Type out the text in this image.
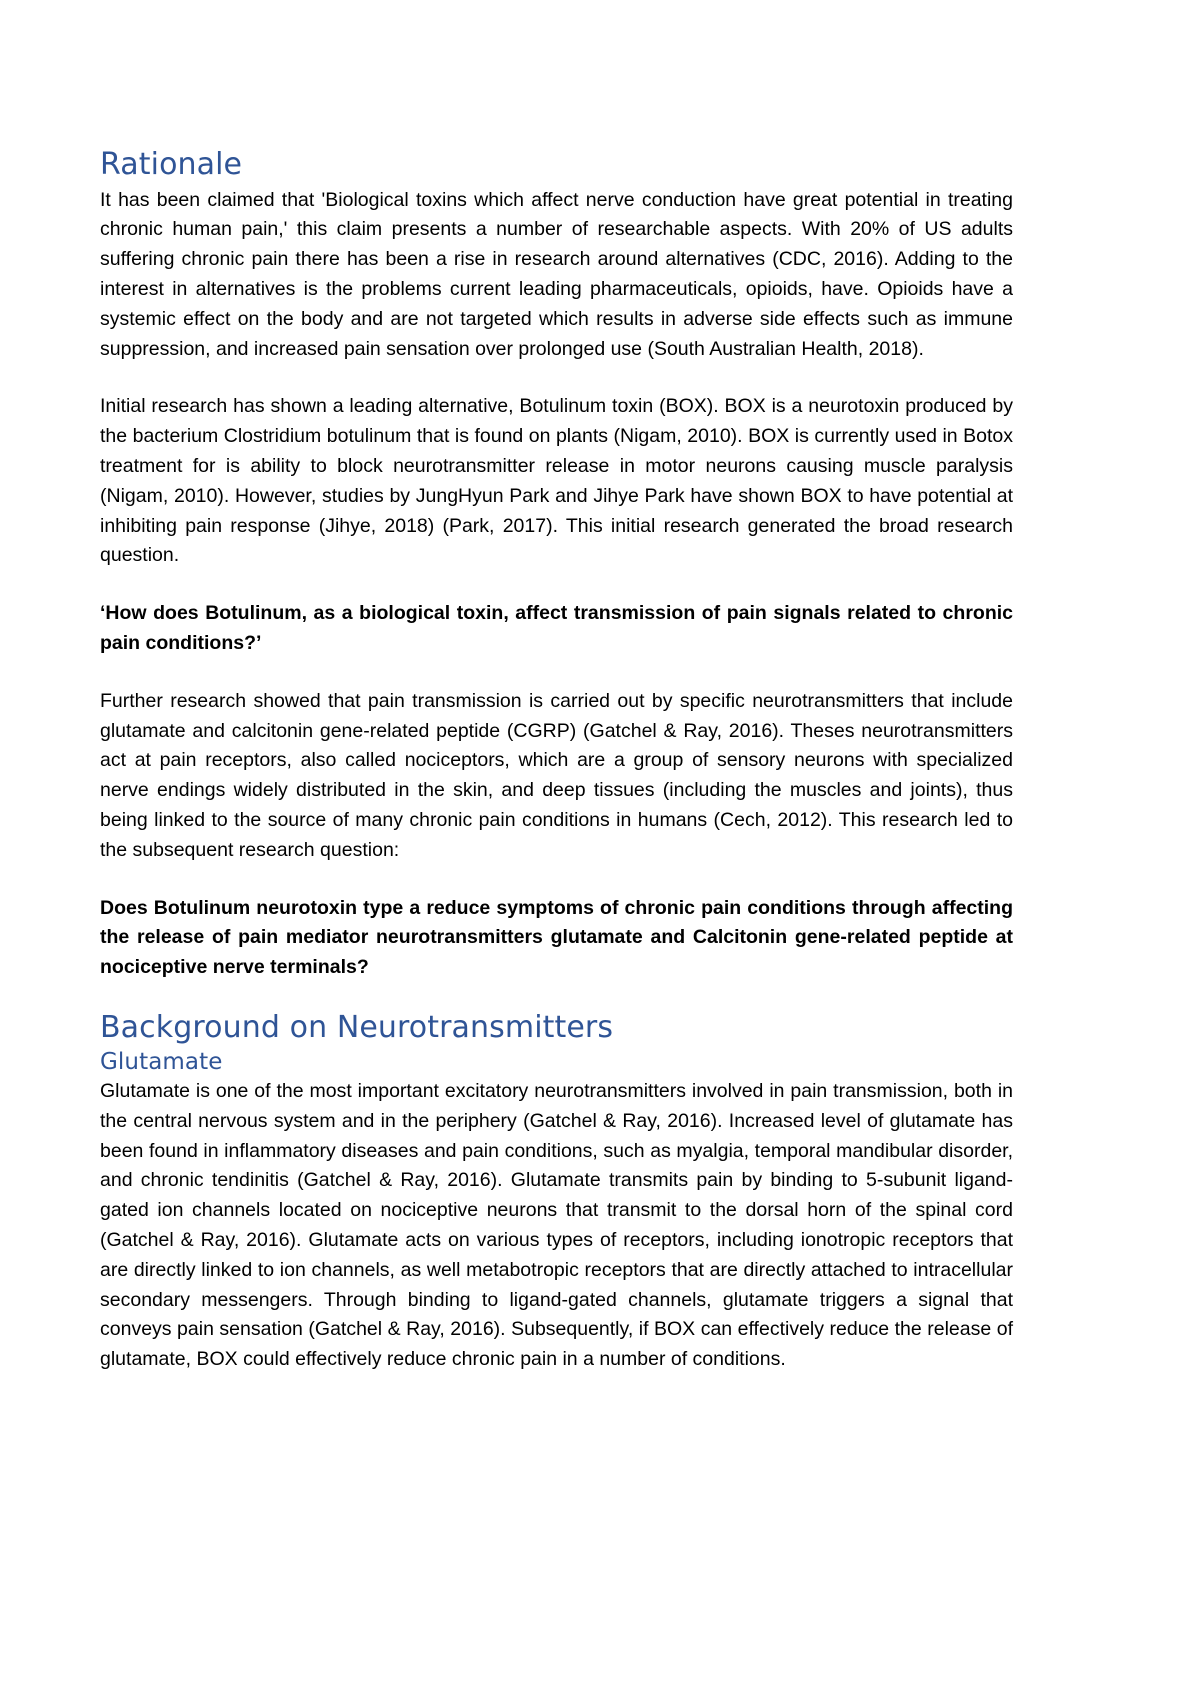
Rationale

It has been claimed that 'Biological toxins which affect nerve conduction have great potential in treating chronic human pain,' this claim presents a number of researchable aspects. With 20% of US adults suffering chronic pain there has been a rise in research around alternatives (CDC, 2016). Adding to the interest in alternatives is the problems current leading pharmaceuticals, opioids, have. Opioids have a systemic effect on the body and are not targeted which results in adverse side effects such as immune suppression, and increased pain sensation over prolonged use (South Australian Health, 2018).

Initial research has shown a leading alternative, Botulinum toxin (BOX). BOX is a neurotoxin produced by the bacterium Clostridium botulinum that is found on plants (Nigam, 2010). BOX is currently used in Botox treatment for is ability to block neurotransmitter release in motor neurons causing muscle paralysis (Nigam, 2010). However, studies by JungHyun Park and Jihye Park have shown BOX to have potential at inhibiting pain response (Jihye, 2018) (Park, 2017). This initial research generated the broad research question.

‘How does Botulinum, as a biological toxin, affect transmission of pain signals related to chronic pain conditions?’

Further research showed that pain transmission is carried out by specific neurotransmitters that include glutamate and calcitonin gene-related peptide (CGRP) (Gatchel & Ray, 2016). Theses neurotransmitters act at pain receptors, also called nociceptors, which are a group of sensory neurons with specialized nerve endings widely distributed in the skin, and deep tissues (including the muscles and joints), thus being linked to the source of many chronic pain conditions in humans (Cech, 2012). This research led to the subsequent research question:

Does Botulinum neurotoxin type a reduce symptoms of chronic pain conditions through affecting the release of pain mediator neurotransmitters glutamate and Calcitonin gene-related peptide at nociceptive nerve terminals?

Background on Neurotransmitters
Glutamate

Glutamate is one of the most important excitatory neurotransmitters involved in pain transmission, both in the central nervous system and in the periphery (Gatchel & Ray, 2016). Increased level of glutamate has been found in inflammatory diseases and pain conditions, such as myalgia, temporal mandibular disorder, and chronic tendinitis (Gatchel & Ray, 2016). Glutamate transmits pain by binding to 5-subunit ligand-gated ion channels located on nociceptive neurons that transmit to the dorsal horn of the spinal cord (Gatchel & Ray, 2016). Glutamate acts on various types of receptors, including ionotropic receptors that are directly linked to ion channels, as well metabotropic receptors that are directly attached to intracellular secondary messengers. Through binding to ligand-gated channels, glutamate triggers a signal that conveys pain sensation (Gatchel & Ray, 2016). Subsequently, if BOX can effectively reduce the release of glutamate, BOX could effectively reduce chronic pain in a number of conditions.
